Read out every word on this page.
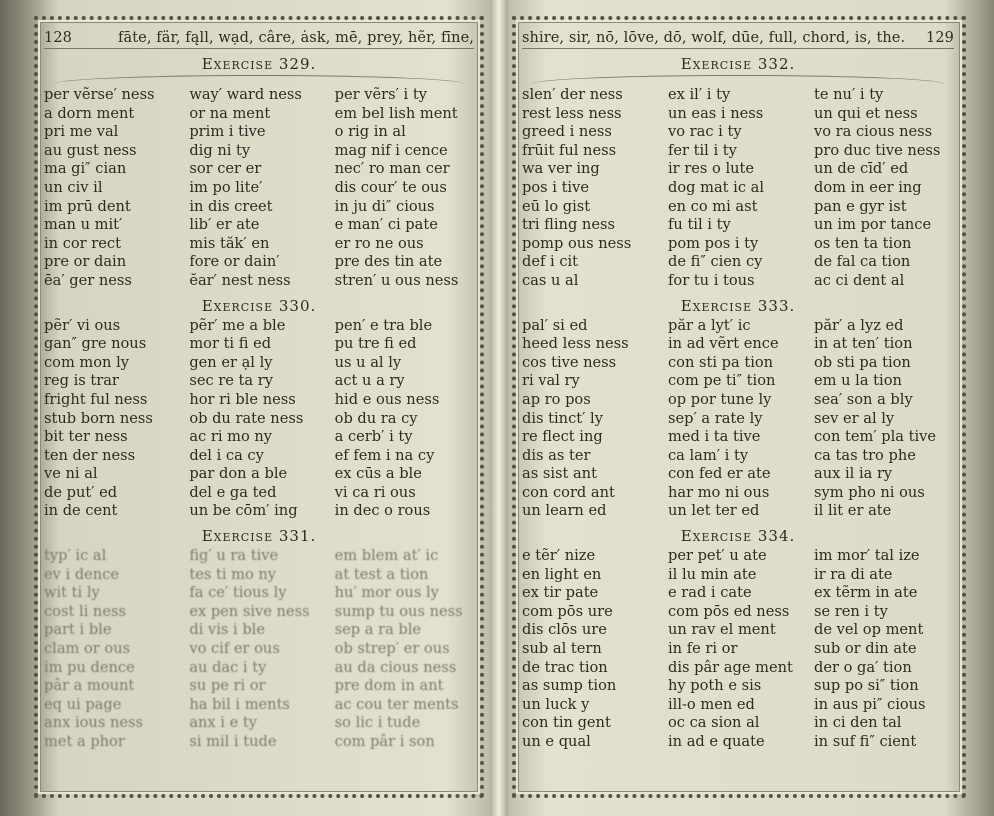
128	fāte, fär, fąll, wạd, câre, ȧsk, mē, prey, hẽr, fīne,
Exercise 329.
per vẽrse′ ness
a dorn ment
pri me val
au gust ness
ma gi″ cian
un civ il
im prū dent
man u mit′
in cor rect
pre or dain
ēa′ ger ness
way′ ward ness
or na ment
prim i tive
dig ni ty
sor cer er
im po lite′
in dis creet
lib′ er ate
mis tăk′ en
fore or dain′
ĕar′ nest ness
per vẽrs′ i ty
em bel lish ment
o rig in al
mag nif i cence
nec′ ro man cer
dis cour′ te ous
in ju di″ cious
e man′ ci pate
er ro ne ous
pre des tin ate
stren′ u ous ness
Exercise 330.
pẽr′ vi ous
gan″ gre nous
com mon ly
reg is trar
fright ful ness
stub born ness
bit ter ness
ten der ness
ve ni al
de put′ ed
in de cent
pẽr′ me a ble
mor ti fi ed
gen er ạl ly
sec re ta ry
hor ri ble ness
ob du rate ness
ac ri mo ny
del i ca cy
par don a ble
del e ga ted
un be cōm′ ing
pen′ e tra ble
pu tre fi ed
us u al ly
act u a ry
hid e ous ness
ob du ra cy
a cerb′ i ty
ef fem i na cy
ex cūs a ble
vi ca ri ous
in dec o rous
Exercise 331.
typ′ ic al
ev i dence
wit ti ly
cost li ness
part i ble
clam or ous
im pu dence
pâr a mount
eq ui page
anx ious ness
met a phor
fig′ u ra tive
tes ti mo ny
fa ce′ tious ly
ex pen sive ness
di vis i ble
vo cif er ous
au dac i ty
su pe ri or
ha bil i ments
anx i e ty
si mil i tude
em blem at′ ic
at test a tion
hu′ mor ous ly
sump tu ous ness
sep a ra ble
ob strep′ er ous
au da cious ness
pre dom in ant
ac cou ter ments
so lic i tude
com pâr i son
shire, sir, nō, lōve, dō, wolf, dūe, full, chord, is, the. 129
Exercise 332.
slen′ der ness
rest less ness
greed i ness
frūit ful ness
wa ver ing
pos i tive
eū lo gist
tri fling ness
pomp ous ness
def i cit
cas u al
ex il′ i ty
un eas i ness
vo rac i ty
fer til i ty
ir res o lute
dog mat ic al
en co mi ast
fu til i ty
pom pos i ty
de fi″ cien cy
for tu i tous
te nu′ i ty
un qui et ness
vo ra cious ness
pro duc tive ness
un de cīd′ ed
dom in eer ing
pan e gyr ist
un im por tance
os ten ta tion
de fal ca tion
ac ci dent al
Exercise 333.
pal′ si ed
heed less ness
cos tive ness
ri val ry
ap ro pos
dis tinct′ ly
re flect ing
dis as ter
as sist ant
con cord ant
un learn ed
păr a lyt′ ic
in ad vẽrt ence
con sti pa tion
com pe ti″ tion
op por tune ly
sep′ a rate ly
med i ta tive
ca lam′ i ty
con fed er ate
har mo ni ous
un let ter ed
păr′ a lyz ed
in at ten′ tion
ob sti pa tion
em u la tion
sea′ son a bly
sev er al ly
con tem′ pla tive
ca tas tro phe
aux il ia ry
sym pho ni ous
il lit er ate
Exercise 334.
e tẽr′ nize
en light en
ex tir pate
com pōs ure
dis clōs ure
sub al tern
de trac tion
as sump tion
un luck y
con tin gent
un e qual
per pet′ u ate
il lu min ate
e rad i cate
com pōs ed ness
un rav el ment
in fe ri or
dis pâr age ment
hy poth e sis
ill-o men ed
oc ca sion al
in ad e quate
im mor′ tal ize
ir ra di ate
ex tẽrm in ate
se ren i ty
de vel op ment
sub or din ate
der o ga′ tion
sup po si″ tion
in aus pi″ cious
in ci den tal
in suf fi″ cient
